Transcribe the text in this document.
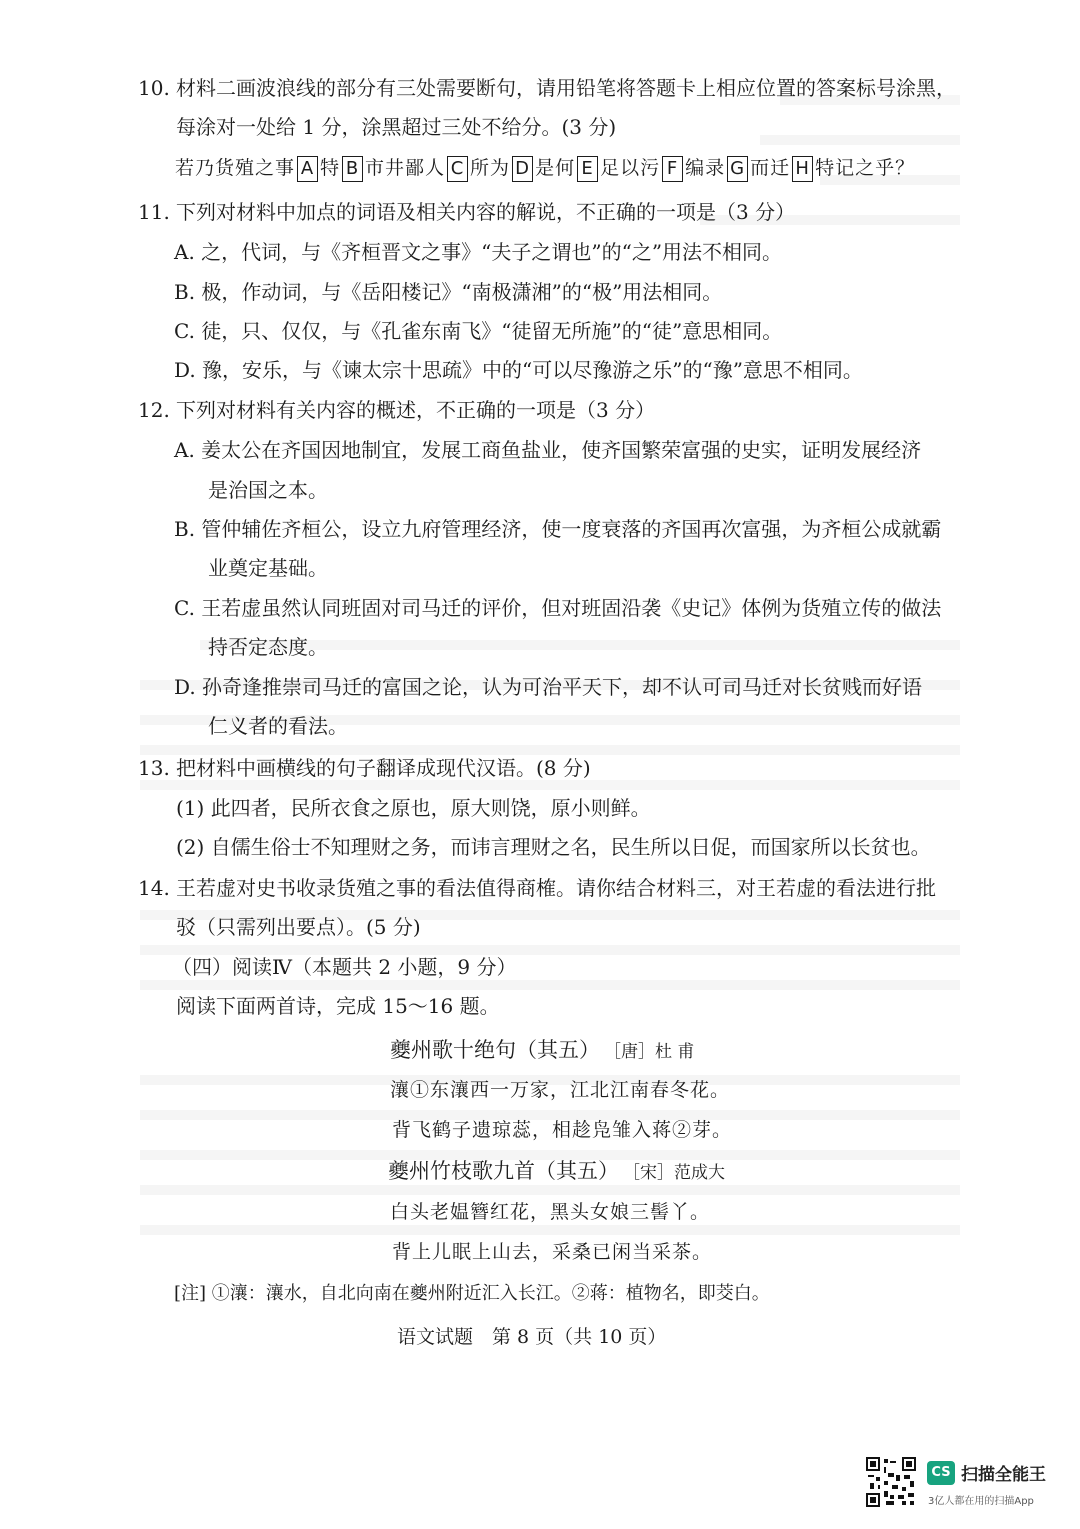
10. 材料二画波浪线的部分有三处需要断句，请用铅笔将答题卡上相应位置的答案标号涂黑，
每涂对一处给 1 分，涂黑超过三处不给分。(3 分)
若乃货殖之事 A 特 B 市井鄙人 C 所为 D 是何 E 足以污 F 编录 G 而迁 H 特记之乎？
11. 下列对材料中加点的词语及相关内容的解说，不正确的一项是（3 分）
A. 之，代词，与《齐桓晋文之事》“夫子之谓也”的“之”用法不相同。
B. 极，作动词，与《岳阳楼记》“南极潇湘”的“极”用法相同。
C. 徒，只、仅仅，与《孔雀东南飞》“徒留无所施”的“徒”意思相同。
D. 豫，安乐，与《谏太宗十思疏》中的“可以尽豫游之乐”的“豫”意思不相同。
12. 下列对材料有关内容的概述，不正确的一项是（3 分）
A. 姜太公在齐国因地制宜，发展工商鱼盐业，使齐国繁荣富强的史实，证明发展经济
是治国之本。
B. 管仲辅佐齐桓公，设立九府管理经济，使一度衰落的齐国再次富强，为齐桓公成就霸
业奠定基础。
C. 王若虚虽然认同班固对司马迁的评价，但对班固沿袭《史记》体例为货殖立传的做法
持否定态度。
D. 孙奇逢推崇司马迁的富国之论，认为可治平天下，却不认可司马迁对长贫贱而好语
仁义者的看法。
13. 把材料中画横线的句子翻译成现代汉语。(8 分)
(1) 此四者，民所衣食之原也，原大则饶，原小则鲜。
(2) 自儒生俗士不知理财之务，而讳言理财之名，民生所以日促，而国家所以长贫也。
14. 王若虚对史书收录货殖之事的看法值得商榷。请你结合材料三，对王若虚的看法进行批
驳（只需列出要点）。(5 分)
（四）阅读Ⅳ（本题共 2 小题，9 分）
阅读下面两首诗，完成 15～16 题。
夔州歌十绝句（其五） ［唐］杜 甫
瀼①东瀼西一万家，江北江南春冬花。
背飞鹤子遗琼蕊，相趁凫雏入蒋②芽。
夔州竹枝歌九首（其五） ［宋］范成大
白头老媪簪红花，黑头女娘三髻丫。
背上儿眠上山去，采桑已闲当采茶。
[注] ①瀼：瀼水，自北向南在夔州附近汇入长江。②蒋：植物名，即茭白。
语文试题　第 8 页（共 10 页）
CS 扫描全能王
3亿人都在用的扫描App
